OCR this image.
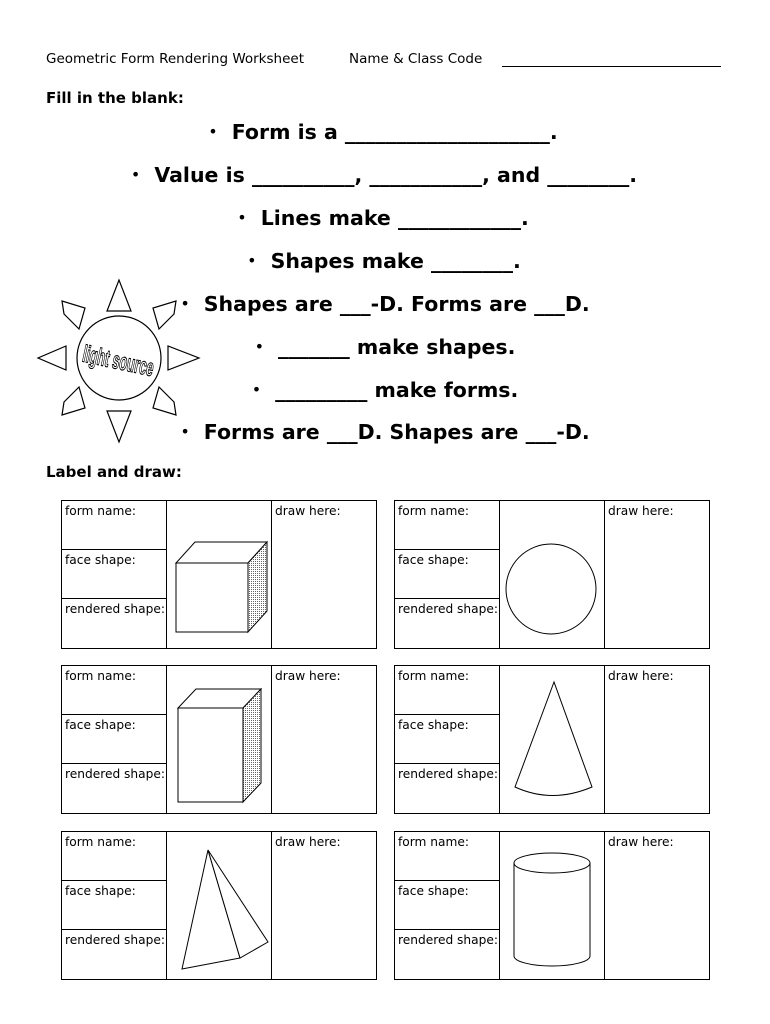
Geometric Form Rendering Worksheet	Name & Class Code
Fill in the blank:
• Form is a ____________________.
• Value is __________, ___________, and ________.
• Lines make ____________.
• Shapes make ________.
• Shapes are ___-D. Forms are ___D.
• _______ make shapes.
• _________ make forms.
• Forms are ___D. Shapes are ___-D.
light source
Label and draw:
form name:
face shape:
rendered shape:
draw here:	form name:
face shape:
rendered shape:
draw here:
form name:
face shape:
rendered shape:
draw here:	form name:
face shape:
rendered shape:
draw here:
form name:
face shape:
rendered shape:
draw here:	form name:
face shape:
rendered shape:
draw here:
